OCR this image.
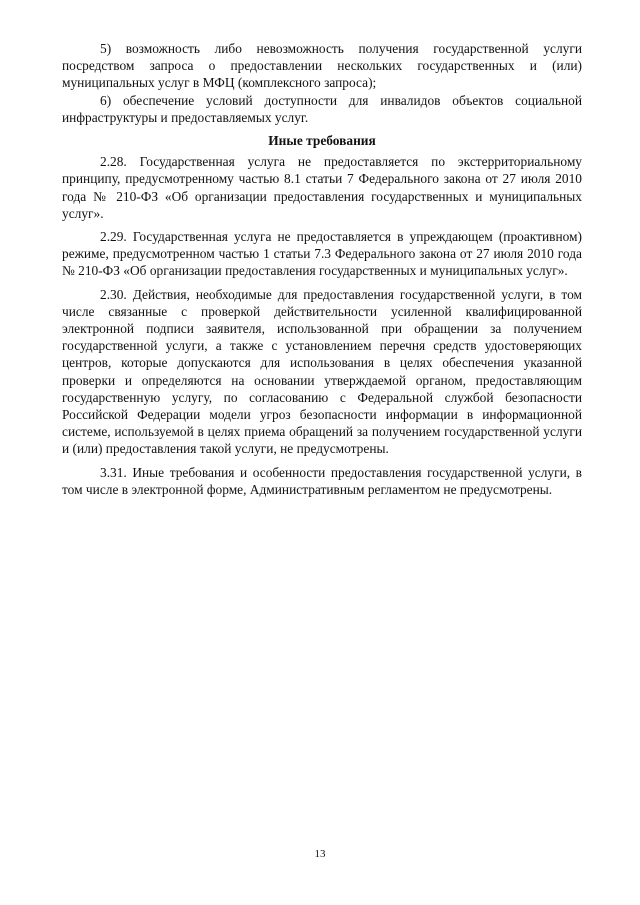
5) возможность либо невозможность получения государственной услуги посредством запроса о предоставлении нескольких государственных и (или) муниципальных услуг в МФЦ (комплексного запроса);

6) обеспечение условий доступности для инвалидов объектов социальной инфраструктуры и предоставляемых услуг.

Иные требования

2.28. Государственная услуга не предоставляется по экстерриториальному принципу, предусмотренному частью 8.1 статьи 7 Федерального закона от 27 июля 2010 года № 210-ФЗ «Об организации предоставления государственных и муниципальных услуг».

2.29. Государственная услуга не предоставляется в упреждающем (проактивном) режиме, предусмотренном частью 1 статьи 7.3 Федерального закона от 27 июля 2010 года № 210-ФЗ «Об организации предоставления государственных и муниципальных услуг».

2.30. Действия, необходимые для предоставления государственной услуги, в том числе связанные с проверкой действительности усиленной квалифицированной электронной подписи заявителя, использованной при обращении за получением государственной услуги, а также с установлением перечня средств удостоверяющих центров, которые допускаются для использования в целях обеспечения указанной проверки и определяются на основании утверждаемой органом, предоставляющим государственную услугу, по согласованию с Федеральной службой безопасности Российской Федерации модели угроз безопасности информации в информационной системе, используемой в целях приема обращений за получением государственной услуги и (или) предоставления такой услуги, не предусмотрены.

3.31. Иные требования и особенности предоставления государственной услуги, в том числе в электронной форме, Административным регламентом не предусмотрены.

13
